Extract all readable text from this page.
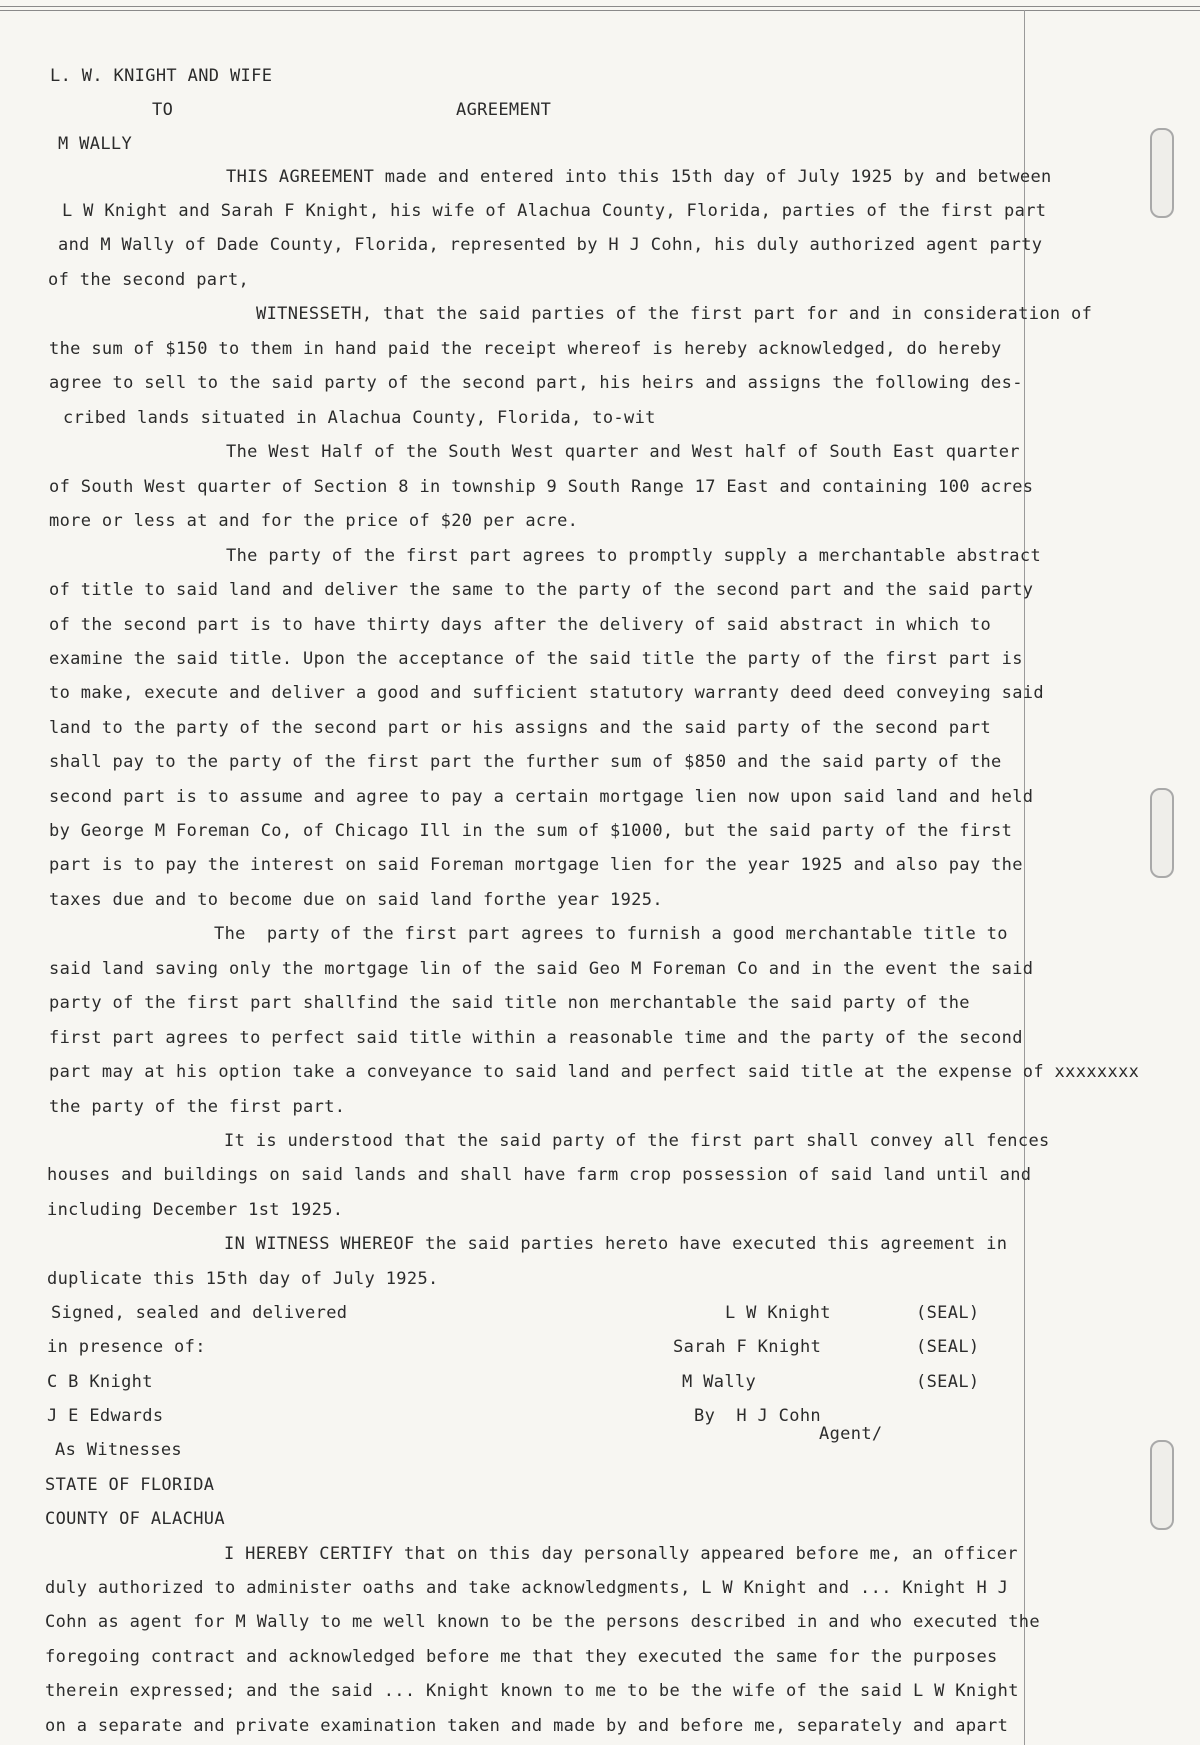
L. W. KNIGHT AND WIFE
TO	AGREEMENT
M WALLY
THIS AGREEMENT made and entered into this 15th day of July 1925 by and between
L W Knight and Sarah F Knight, his wife of Alachua County, Florida, parties of the first part
and M Wally of Dade County, Florida, represented by H J Cohn, his duly authorized agent party
of the second part,
WITNESSETH, that the said parties of the first part for and in consideration of
the sum of $150 to them in hand paid the receipt whereof is hereby acknowledged, do hereby
agree to sell to the said party of the second part, his heirs and assigns the following des-
cribed lands situated in Alachua County, Florida, to-wit
The West Half of the South West quarter and West half of South East quarter
of South West quarter of Section 8 in township 9 South Range 17 East and containing 100 acres
more or less at and for the price of $20 per acre.
The party of the first part agrees to promptly supply a merchantable abstract
of title to said land and deliver the same to the party of the second part and the said party
of the second part is to have thirty days after the delivery of said abstract in which to
examine the said title. Upon the acceptance of the said title the party of the first part is
to make, execute and deliver a good and sufficient statutory warranty deed deed conveying said
land to the party of the second part or his assigns and the said party of the second part
shall pay to the party of the first part the further sum of $850 and the said party of the
second part is to assume and agree to pay a certain mortgage lien now upon said land and held
by George M Foreman Co, of Chicago Ill in the sum of $1000, but the said party of the first
part is to pay the interest on said Foreman mortgage lien for the year 1925 and also pay the
taxes due and to become due on said land forthe year 1925.
The  party of the first part agrees to furnish a good merchantable title to
said land saving only the mortgage lin of the said Geo M Foreman Co and in the event the said
party of the first part shallfind the said title non merchantable the said party of the
first part agrees to perfect said title within a reasonable time and the party of the second
part may at his option take a conveyance to said land and perfect said title at the expense of xxxxxxxx
the party of the first part.
It is understood that the said party of the first part shall convey all fences
houses and buildings on said lands and shall have farm crop possession of said land until and
including December 1st 1925.
IN WITNESS WHEREOF the said parties hereto have executed this agreement in
duplicate this 15th day of July 1925.
Signed, sealed and delivered
in presence of:
C B Knight
J E Edwards
As Witnesses
L W Knight
Sarah F Knight
M Wally
(SEAL)
(SEAL)
(SEAL)
By  H J Cohn
Agent/
STATE OF FLORIDA
COUNTY OF ALACHUA
I HEREBY CERTIFY that on this day personally appeared before me, an officer
duly authorized to administer oaths and take acknowledgments, L W Knight and ... Knight H J
Cohn as agent for M Wally to me well known to be the persons described in and who executed the
foregoing contract and acknowledged before me that they executed the same for the purposes
therein expressed; and the said ... Knight known to me to be the wife of the said L W Knight
on a separate and private examination taken and made by and before me, separately and apart
